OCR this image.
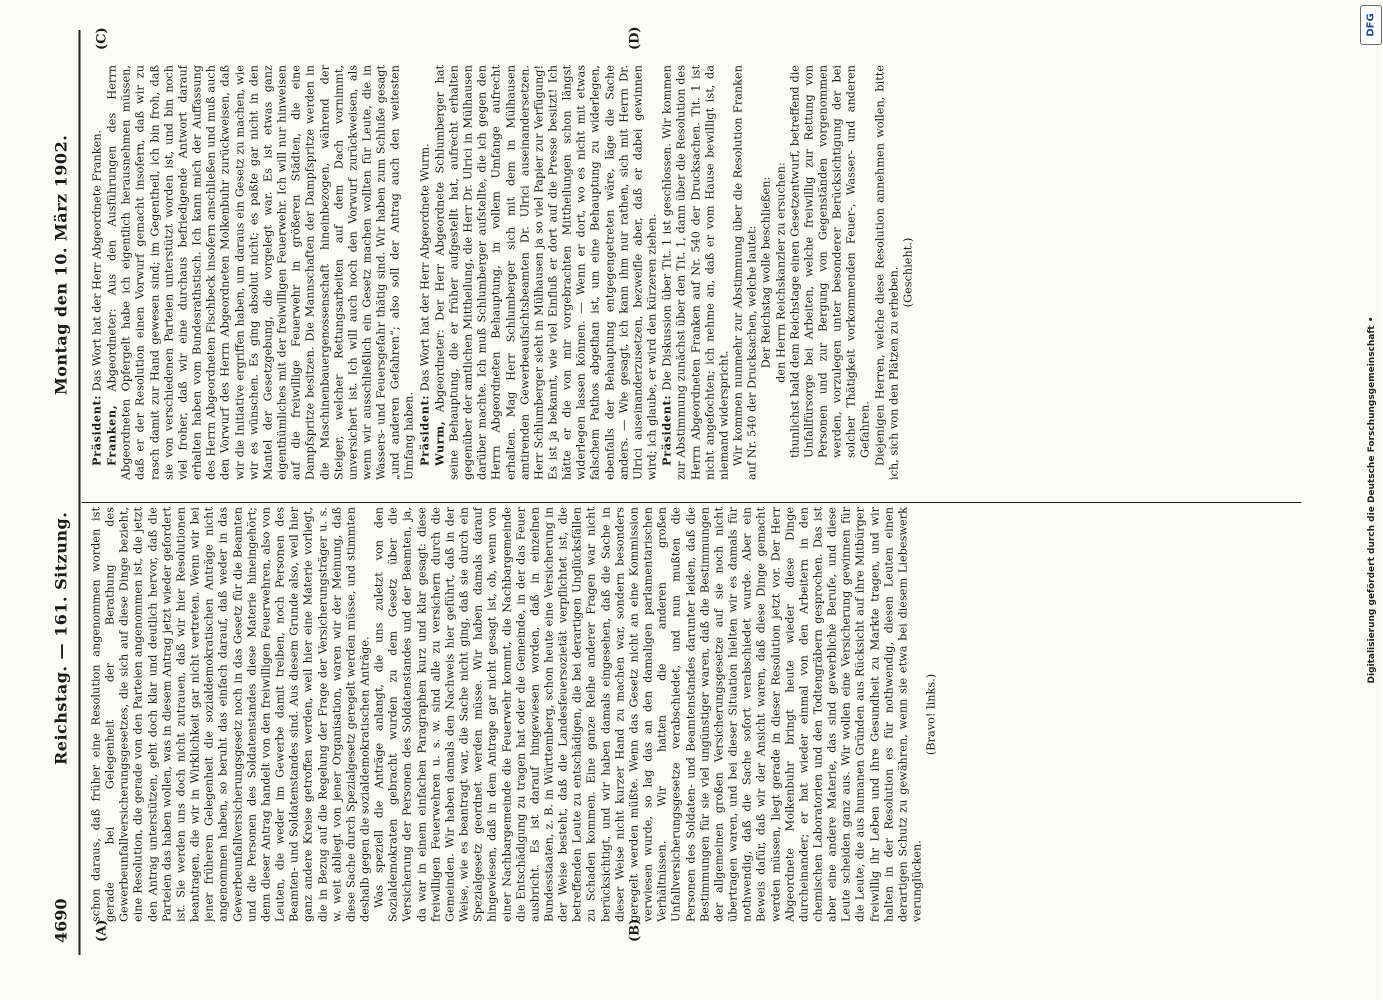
4690
Reichstag. — 161. Sitzung.
Montag den 10. März 1902.
(A)	(B)
(C)	(D)

schon daraus, daß früher eine Resolution angenommen worden ist gerade bei Gelegenheit der Berathung des Gewerbeunfallversicherungsgesetzes, die sich auf diese Dinge bezieht, eine Resolution, die gerade von den Parteien angenommen ist, die jetzt den Antrag unterstützen, geht doch klar und deutlich hervor, daß die Parteien das haben wollen, was in diesem Antrag jetzt wieder gefordert ist. Sie werden uns doch nicht zutrauen, daß wir hier Resolutionen beantragen, die wir in Wirklichkeit gar nicht vertreten. Wenn wir bei jener früheren Gelegenheit die sozialdemokratischen Anträge nicht angenommen haben, so beruht das einfach darauf, daß weder in das Gewerbeunfallversicherungsgesetz noch in das Gesetz für die Beamten und die Personen des Soldatenstandes diese Materie hineingehört; denn dieser Antrag handelt von den freiwilligen Feuerwehren, also von Leuten, die weder im Gewerbe damit treiben, noch Personen des Beamten- und Soldatenstandes sind. Aus diesem Grunde also, weil hier ganz andere Kreise getroffen werden, weil hier eine Materie vorliegt, die in Bezug auf die Regelung der Frage der Versicherungsträger u. s. w. weit abliegt von jener Organisation, waren wir der Meinung, daß diese Sache durch Spezialgesetz geregelt werden müsse, und stimmten deshalb gegen die sozialdemokratischen Anträge. Was speziell die Anträge anlangt, die uns zuletzt von den Sozialdemokraten gebracht wurden zu dem Gesetz über die Versicherung der Personen des Soldatenstandes und der Beamten, ja, da war in einem einfachen Paragraphen kurz und klar gesagt: diese freiwilligen Feuerwehren u. s. w. sind alle zu versichern durch die Gemeinden. Wir haben damals den Nachweis hier geführt, daß in der Weise, wie es beantragt war, die Sache nicht ging, daß sie durch ein Spezialgesetz geordnet werden müsse. Wir haben damals darauf hingewiesen, daß in dem Antrage gar nicht gesagt ist, ob, wenn von einer Nachbargemeinde die Feuerwehr kommt, die Nachbargemeinde die Entschädigung zu tragen hat oder die Gemeinde, in der das Feuer ausbricht. Es ist darauf hingewiesen worden, daß in einzelnen Bundesstaaten, z. B. in Württemberg, schon heute eine Versicherung in der Weise besteht, daß die Landesfeuersozietät verpflichtet ist, die betreffenden Leute zu entschädigen, die bei derartigen Unglücksfällen zu Schaden kommen. Eine ganze Reihe anderer Fragen war nicht berücksichtigt, und wir haben damals eingesehen, daß die Sache in dieser Weise nicht kurzer Hand zu machen war, sondern besonders geregelt werden müßte. Wenn das Gesetz nicht an eine Kommission verwiesen wurde, so lag das an den damaligen parlamentarischen Verhältnissen. Wir hatten die anderen großen Unfallversicherungsgesetze verabschiedet, und nun mußten die Personen des Soldaten- und Beamtenstandes darunter leiden, daß die Bestimmungen für sie viel ungünstiger waren, daß die Bestimmungen der allgemeinen großen Versicherungsgesetze auf sie noch nicht übertragen waren, und bei dieser Situation hielten wir es damals für nothwendig, daß die Sache sofort verabschiedet wurde. Aber ein Beweis dafür, daß wir der Ansicht waren, daß diese Dinge gemacht werden müssen, liegt gerade in dieser Resolution jetzt vor. Der Herr Abgeordnete Molkenbuhr bringt heute wieder diese Dinge durcheinander; er hat wieder einmal von den Arbeitern in den chemischen Laboratorien und den Todtengräbern gesprochen. Das ist aber eine andere Materie, das sind gewerbliche Berufe, und diese Leute scheiden ganz aus. Wir wollen eine Versicherung gewinnen für die Leute, die aus humanen Gründen aus Rücksicht auf ihre Mitbürger freiwillig ihr Leben und ihre Gesundheit zu Markte tragen, und wir halten in der Resolution es für nothwendig, diesen Leuten einen derartigen Schutz zu gewähren, wenn sie etwa bei diesem Liebeswerk verunglücken.

(Bravo! links.)

Präsident: Das Wort hat der Herr Abgeordnete Franken.

Franken, Abgeordneter: Aus den Ausführungen des Herrn Abgeordneten Opfergelt habe ich eigentlich herausnehmen müssen, daß er der Resolution einen Vorwurf gemacht insofern, daß wir zu rasch damit zur Hand gewesen sind; im Gegentheil, ich bin froh, daß sie von verschiedenen Parteien unterstützt worden ist, und bin noch viel froher, daß wir eine durchaus befriedigende Antwort darauf erhalten haben vom Bundesrathstisch. Ich kann mich der Auffassung des Herrn Abgeordneten Fischbeck insofern anschließen und muß auch den Vorwurf des Herrn Abgeordneten Molkenbuhr zurückweisen, daß wir die Initiative ergriffen haben, um daraus ein Gesetz zu machen, wie wir es wünschen. Es ging absolut nicht; es paßte gar nicht in den Mantel der Gesetzgebung, die vorgelegt war. Es ist etwas ganz eigenthümliches mit der freiwilligen Feuerwehr. Ich will nur hinweisen auf die freiwillige Feuerwehr in größeren Städten, die eine Dampfspritze besitzen. Die Mannschaften der Dampfspritze werden in die Maschinenbauergenossenschaft hineinbezogen, während der Steiger, welcher Rettungsarbeiten auf dem Dach vornimmt, unversichert ist. Ich will auch noch den Vorwurf zurückweisen, als wenn wir ausschließlich ein Gesetz machen wollten für Leute, die in Wassers- und Feuersgefahr thätig sind. Wir haben zum Schluße gesagt „und anderen Gefahren“; also soll der Antrag auch den weitesten Umfang haben. Präsident: Das Wort hat der Herr Abgeordnete Wurm.

Wurm, Abgeordneter: Der Herr Abgeordnete Schlumberger hat seine Behauptung, die er früher aufgestellt hat, aufrecht erhalten gegenüber der amtlichen Mittheilung, die Herr Dr. Ulrici in Mülhausen darüber machte. Ich muß Schlumberger aufstellte, die ich gegen den Herrn Abgeordneten Behauptung, in vollem Umfange aufrecht erhalten. Mag Herr Schlumberger sich mit dem in Mülhausen amtirenden Gewerbeaufsichtsbeamten Dr. Ulrici auseinandersetzen. Herr Schlumberger sieht in Mülhausen ja so viel Papier zur Verfügung! Es ist ja bekannt, wie viel Einfluß er dort auf die Presse besitzt! Ich hätte er die von mir vorgebrachten Mittheilungen schon längst widerlegen lassen können. — Wenn er dort, wo es nicht mit etwas falschem Pathos abgethan ist, um eine Behauptung zu widerlegen, ebenfalls der Behauptung entgegengetreten wäre, läge die Sache anders. — Wie gesagt, ich kann ihm nur rathen, sich mit Herrn Dr. Ulrici auseinanderzusetzen, bezweifle aber, daß er dabei gewinnen wird; ich glaube, er wird den kürzeren ziehen. Präsident: Die Diskussion über Tit. 1 ist geschlossen. Wir kommen zur Abstimmung zunächst über den Tit. 1, dann über die Resolution des Herrn Abgeordneten Franken auf Nr. 540 der Drucksachen. Tit. 1 ist nicht angefochten; ich nehme an, daß er vom Hause bewilligt ist, da niemand widerspricht. Wir kommen nunmehr zur Abstimmung über die Resolution Franken auf Nr. 540 der Drucksachen, welche lautet: Der Reichstag wolle beschließen: den Herrn Reichskanzler zu ersuchen: thunlichst bald dem Reichstage einen Gesetzentwurf, betreffend die Unfallfürsorge bei Arbeiten, welche freiwillig zur Rettung von Personen und zur Bergung von Gegenständen vorgenommen werden, vorzulegen unter besonderer Berücksichtigung der bei solcher Thätigkeit vorkommenden Feuer-, Wasser- und anderen Gefahren. Diejenigen Herren, welche diese Resolution annehmen wollen, bitte ich, sich von den Plätzen zu erheben. (Geschieht.)

Digitalisierung gefördert durch die Deutsche Forschungsgemeinschaft •
DFG
